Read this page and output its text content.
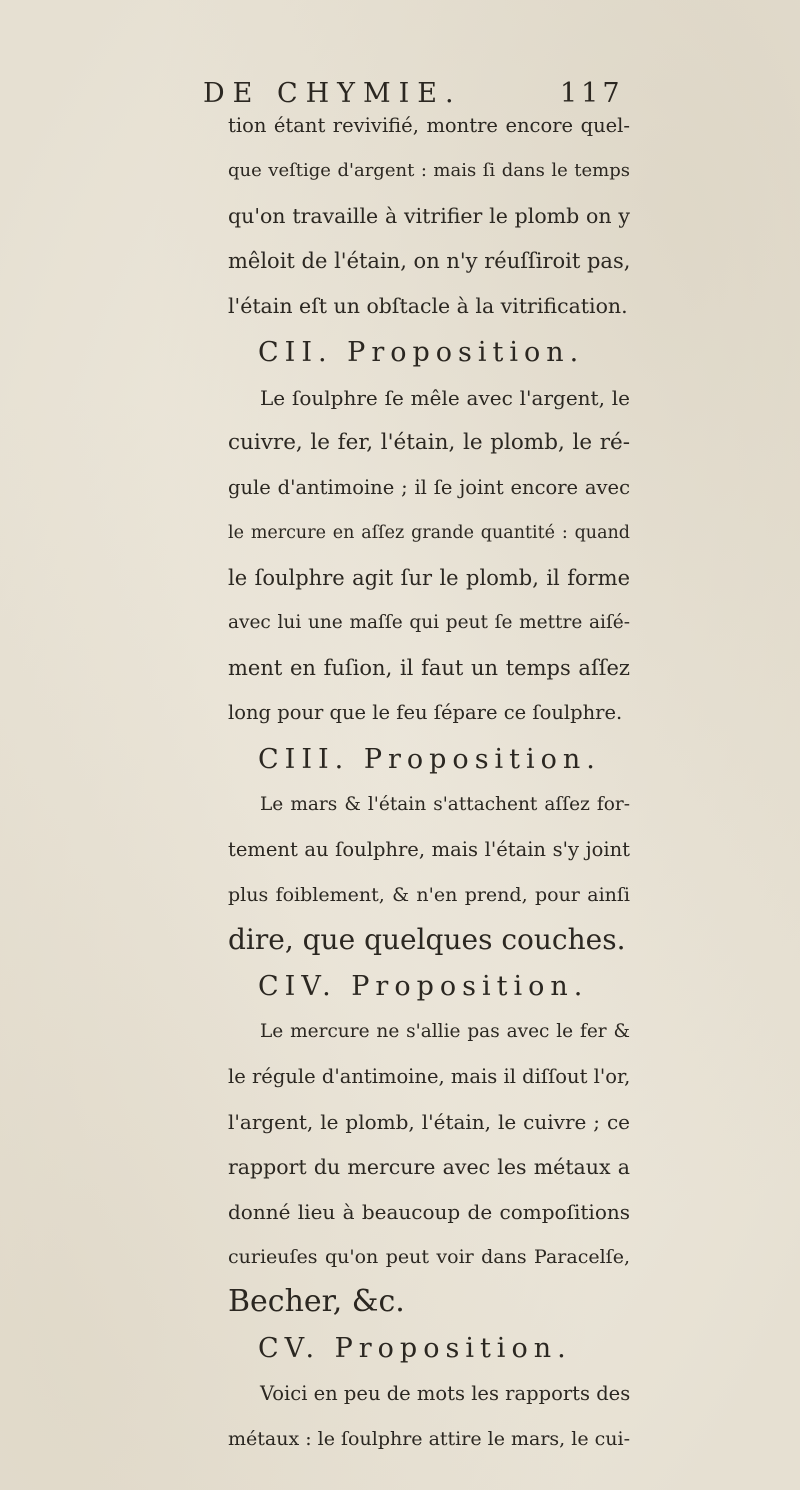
DE CHYMIE.	117
tion étant revivifié, montre encore quel-
que veſtige d'argent : mais ſi dans le temps
qu'on travaille à vitrifier le plomb on y
mêloit de l'étain, on n'y réuſſiroit pas,
l'étain eſt un obſtacle à la vitrification.
CII. Proposition.
Le ſoulphre ſe mêle avec l'argent, le
cuivre, le fer, l'étain, le plomb, le ré-
gule d'antimoine ; il ſe joint encore avec
le mercure en aſſez grande quantité : quand
le ſoulphre agit ſur le plomb, il forme
avec lui une maſſe qui peut ſe mettre aiſé-
ment en fuſion, il faut un temps aſſez
long pour que le feu ſépare ce ſoulphre.
CIII. Proposition.
Le mars & l'étain s'attachent aſſez for-
tement au ſoulphre, mais l'étain s'y joint
plus foiblement, & n'en prend, pour ainſi
dire, que quelques couches.
CIV. Proposition.
Le mercure ne s'allie pas avec le fer &
le régule d'antimoine, mais il diſſout l'or,
l'argent, le plomb, l'étain, le cuivre ; ce
rapport du mercure avec les métaux a
donné lieu à beaucoup de compoſitions
curieuſes qu'on peut voir dans Paracelſe,
Becher, &c.
CV. Proposition.
Voici en peu de mots les rapports des
métaux : le ſoulphre attire le mars, le cui-
